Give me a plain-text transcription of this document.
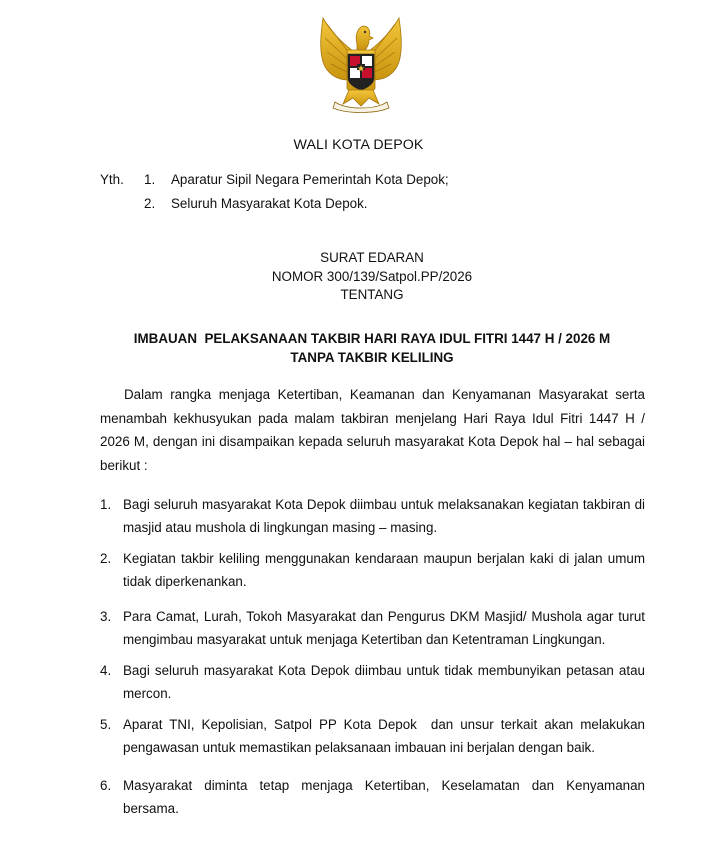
WALI KOTA DEPOK
Yth. 1. Aparatur Sipil Negara Pemerintah Kota Depok;
2. Seluruh Masyarakat Kota Depok.
SURAT EDARAN
NOMOR 300/139/Satpol.PP/2026
TENTANG
IMBAUAN  PELAKSANAAN TAKBIR HARI RAYA IDUL FITRI 1447 H / 2026 M
TANPA TAKBIR KELILING
Dalam rangka menjaga Ketertiban, Keamanan dan Kenyamanan Masyarakat serta menambah kekhusyukan pada malam takbiran menjelang Hari Raya Idul Fitri 1447 H / 2026 M, dengan ini disampaikan kepada seluruh masyarakat Kota Depok hal – hal sebagai berikut :
1. Bagi seluruh masyarakat Kota Depok diimbau untuk melaksanakan kegiatan takbiran di masjid atau mushola di lingkungan masing – masing.
2. Kegiatan takbir keliling menggunakan kendaraan maupun berjalan kaki di jalan umum tidak diperkenankan.
3. Para Camat, Lurah, Tokoh Masyarakat dan Pengurus DKM Masjid/ Mushola agar turut mengimbau masyarakat untuk menjaga Ketertiban dan Ketentraman Lingkungan.
4. Bagi seluruh masyarakat Kota Depok diimbau untuk tidak membunyikan petasan atau mercon.
5. Aparat TNI, Kepolisian, Satpol PP Kota Depok  dan unsur terkait akan melakukan pengawasan untuk memastikan pelaksanaan imbauan ini berjalan dengan baik.
6. Masyarakat diminta tetap menjaga Ketertiban, Keselamatan dan Kenyamanan bersama.
